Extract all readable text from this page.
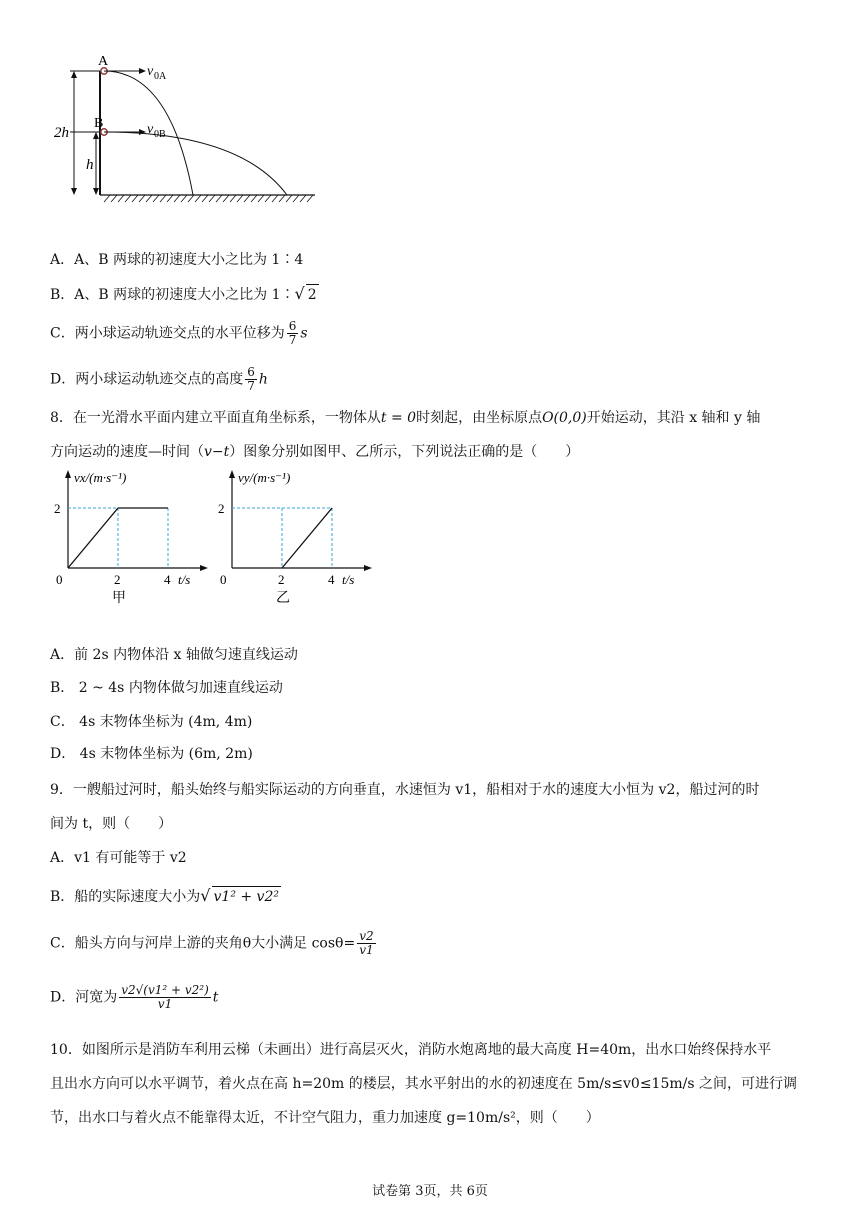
A
B
v 0A
v 0B
2h
h
A．A、B 两球的初速度大小之比为 1∶4
B．A、B 两球的初速度大小之比为 1∶√ 2
C．两小球运动轨迹交点的水平位移为 $\frac{6}{7}$ s
D．两小球运动轨迹交点的高度 $\frac{6}{7}$ h
8．在一光滑水平面内建立平面直角坐标系，一物体从t = 0时刻起，由坐标原点O(0,0)开始运动，其沿 x 轴和 y 轴
方向运动的速度—时间（v−t）图象分别如图甲、乙所示，下列说法正确的是（　　）
vx/(m·s⁻¹)
t/s
0	2	4
2
甲
vy/(m·s⁻¹)
t/s
0	2	4
2
乙
A．前 2s 内物体沿 x 轴做匀速直线运动
B． 2 ~ 4s 内物体做匀加速直线运动
C． 4s 末物体坐标为 (4m, 4m)
D． 4s 末物体坐标为 (6m, 2m)
9．一艘船过河时，船头始终与船实际运动的方向垂直，水速恒为 v1，船相对于水的速度大小恒为 v2，船过河的时
间为 t，则（　　）
A．v1 有可能等于 v2
B．船的实际速度大小为√ v1² + v2²
C．船头方向与河岸上游的夹角θ大小满足 $\cos\theta= \frac{v2}{v1}$
D．河宽为 $\frac{\text{v2√(v1² + v2²)}}{v1}$ t
10．如图所示是消防车利用云梯（未画出）进行高层灭火，消防水炮离地的最大高度 H=40m，出水口始终保持水平
且出水方向可以水平调节，着火点在高 h=20m 的楼层，其水平射出的水的初速度在 5m/s≤v0≤15m/s 之间，可进行调
节，出水口与着火点不能靠得太近，不计空气阻力，重力加速度 g=10m/s²，则（　　）
试卷第 3页，共 6页
